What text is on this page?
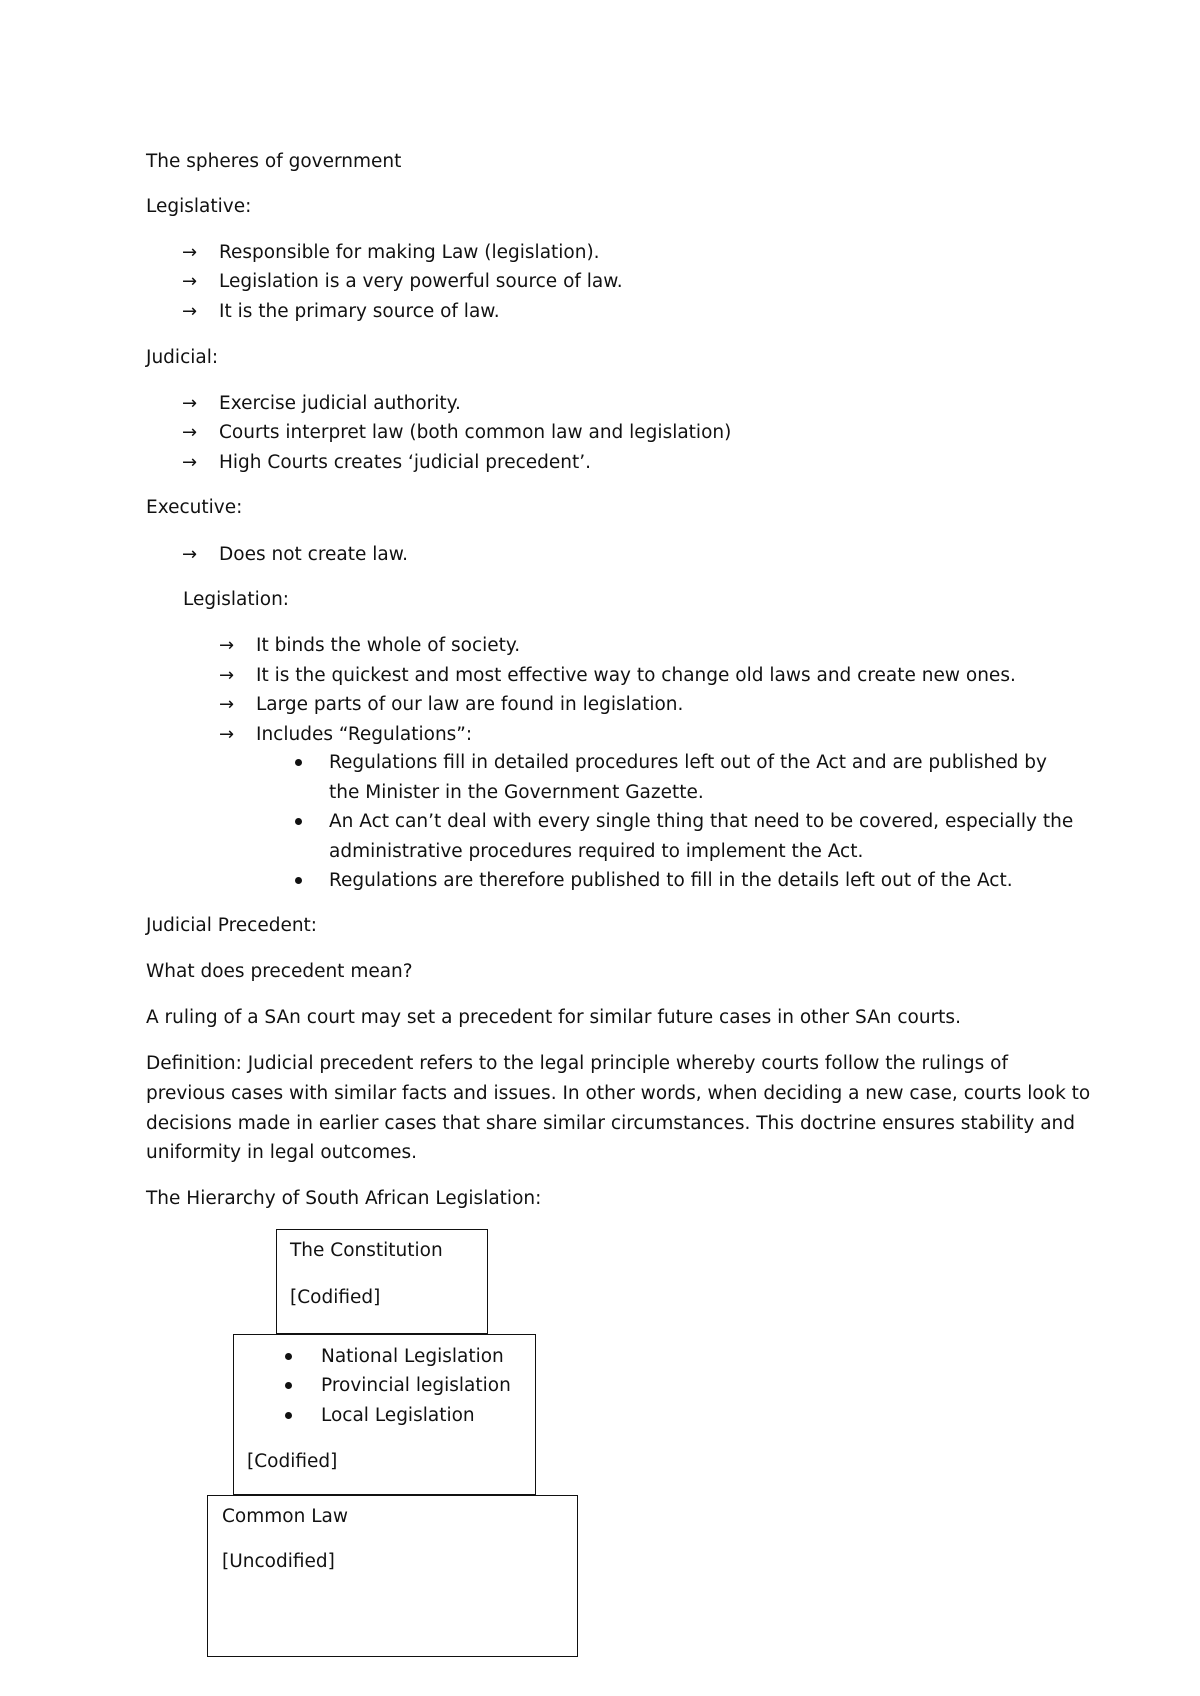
The spheres of government
Legislative:
→ Responsible for making Law (legislation).
→ Legislation is a very powerful source of law.
→ It is the primary source of law.
Judicial:
→ Exercise judicial authority.
→ Courts interpret law (both common law and legislation)
→ High Courts creates ‘judicial precedent’.
Executive:
→ Does not create law.
Legislation:
→ It binds the whole of society.
→ It is the quickest and most effective way to change old laws and create new ones.
→ Large parts of our law are found in legislation.
→ Includes “Regulations”:
Regulations fill in detailed procedures left out of the Act and are published by
the Minister in the Government Gazette.
An Act can’t deal with every single thing that need to be covered, especially the
administrative procedures required to implement the Act.
Regulations are therefore published to fill in the details left out of the Act.
Judicial Precedent:
What does precedent mean?
A ruling of a SAn court may set a precedent for similar future cases in other SAn courts.
Definition: Judicial precedent refers to the legal principle whereby courts follow the rulings of
previous cases with similar facts and issues. In other words, when deciding a new case, courts look to
decisions made in earlier cases that share similar circumstances. This doctrine ensures stability and
uniformity in legal outcomes.
The Hierarchy of South African Legislation:
The Constitution
[Codified]
National Legislation
Provincial legislation
Local Legislation
[Codified]
Common Law
[Uncodified]
